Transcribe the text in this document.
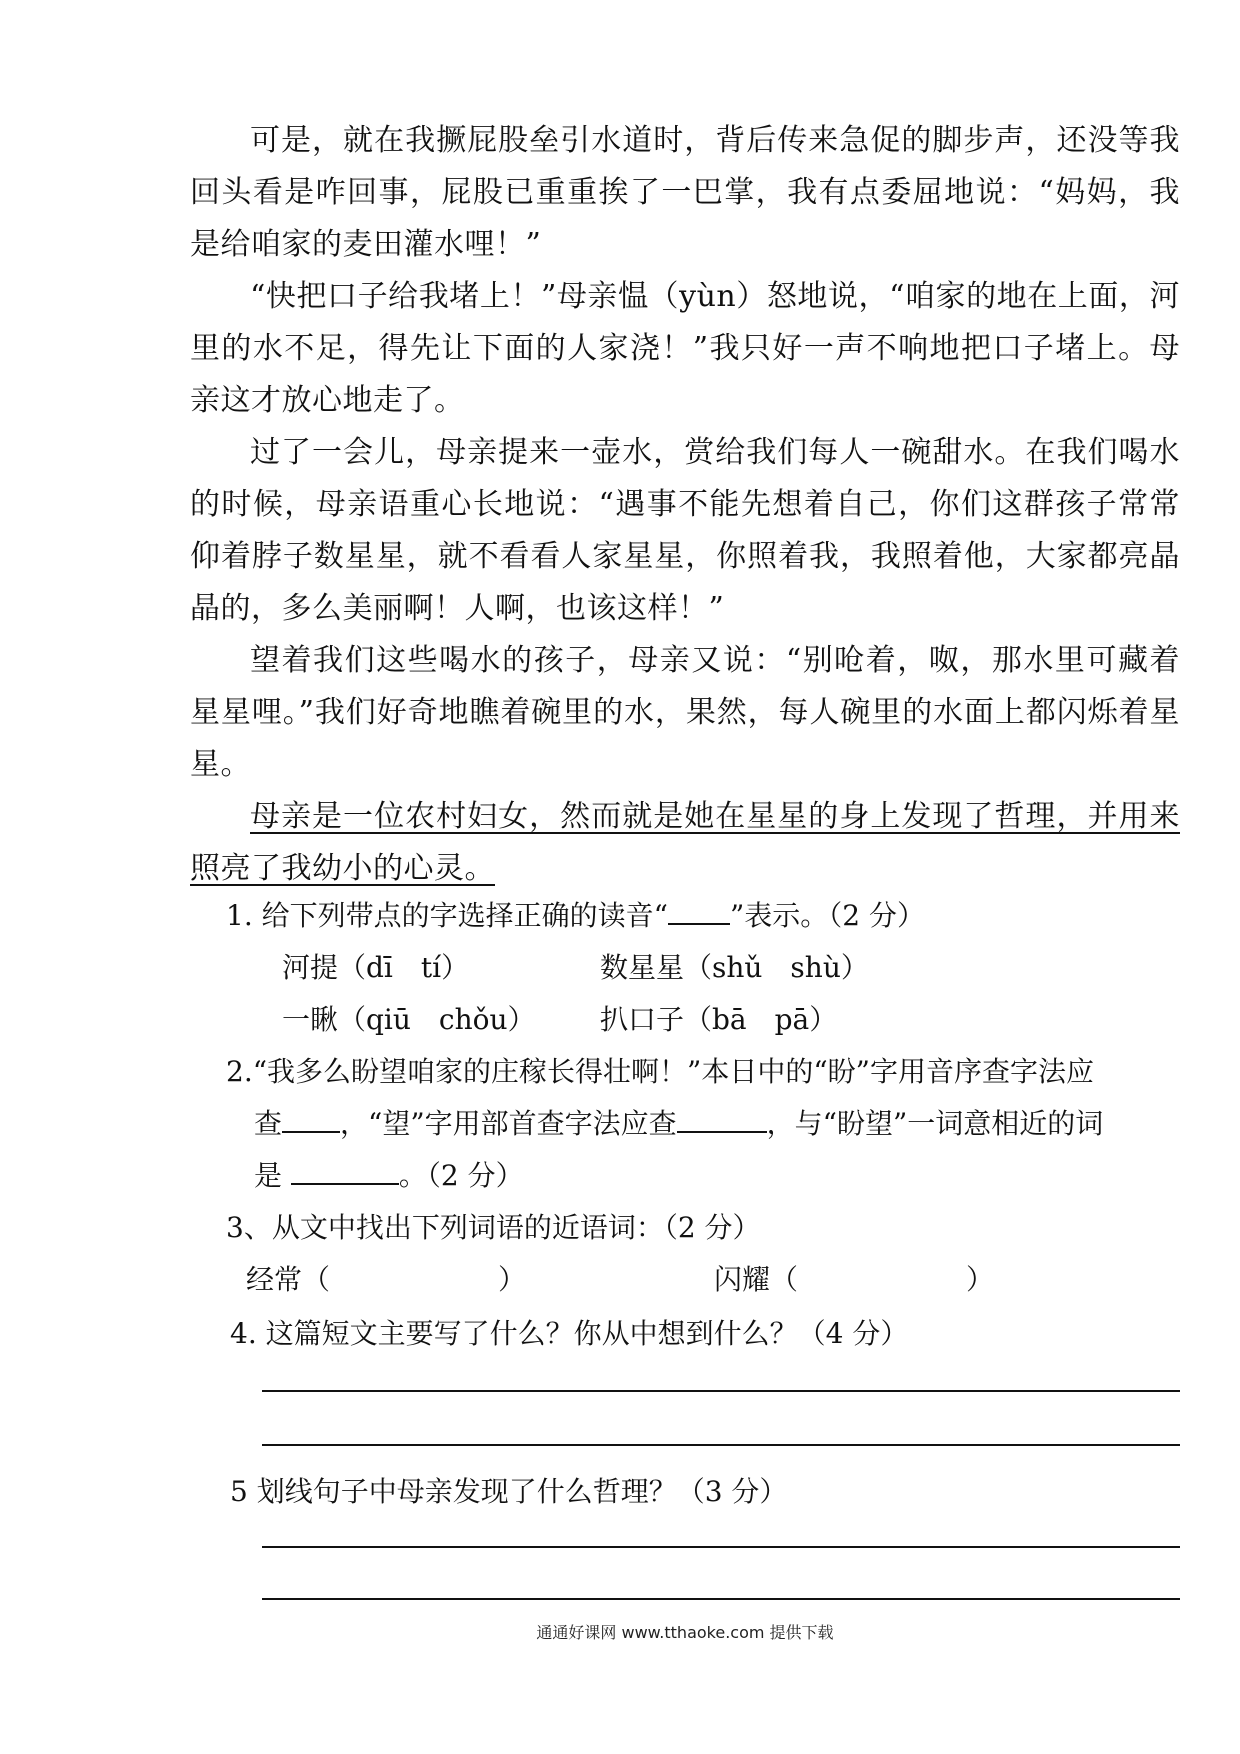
可是，就在我撅屁股垒引水道时，背后传来急促的脚步声，还没等我回头看是咋回事，屁股已重重挨了一巴掌，我有点委屈地说：“妈妈，我是给咱家的麦田灌水哩！”

“快把口子给我堵上！”母亲愠（yùn）怒地说，“咱家的地在上面，河里的水不足，得先让下面的人家浇！”我只好一声不响地把口子堵上。母亲这才放心地走了。

过了一会儿，母亲提来一壶水，赏给我们每人一碗甜水。在我们喝水的时候，母亲语重心长地说：“遇事不能先想着自己，你们这群孩子常常仰着脖子数星星，就不看看人家星星，你照着我，我照着他，大家都亮晶晶的，多么美丽啊！人啊，也该这样！”

望着我们这些喝水的孩子，母亲又说：“别呛着，呶，那水里可藏着星星哩。”我们好奇地瞧着碗里的水，果然，每人碗里的水面上都闪烁着星星。

母亲是一位农村妇女，然而就是她在星星的身上发现了哲理，并用来照亮了我幼小的心灵。

1. 给下列带点的字选择正确的读音“ ”表示。（2 分）
河提（dī　tí）	数星星（shǔ　shù）
一瞅（qiū　chǒu）	扒口子（bā　pā）
2.“我多么盼望咱家的庄稼长得壮啊！”本日中的“盼”字用音序查字法应
查 ，“望”字用部首查字法应查	，与“盼望”一词意相近的词
是	。（2 分）
3、从文中找出下列词语的近语词：（2 分）
经常（　　　　　　）	闪耀（　　　　　　）
4. 这篇短文主要写了什么？你从中想到什么？（4 分）
5 划线句子中母亲发现了什么哲理？（3 分）
通通好课网 www.tthaoke.com 提供下载
